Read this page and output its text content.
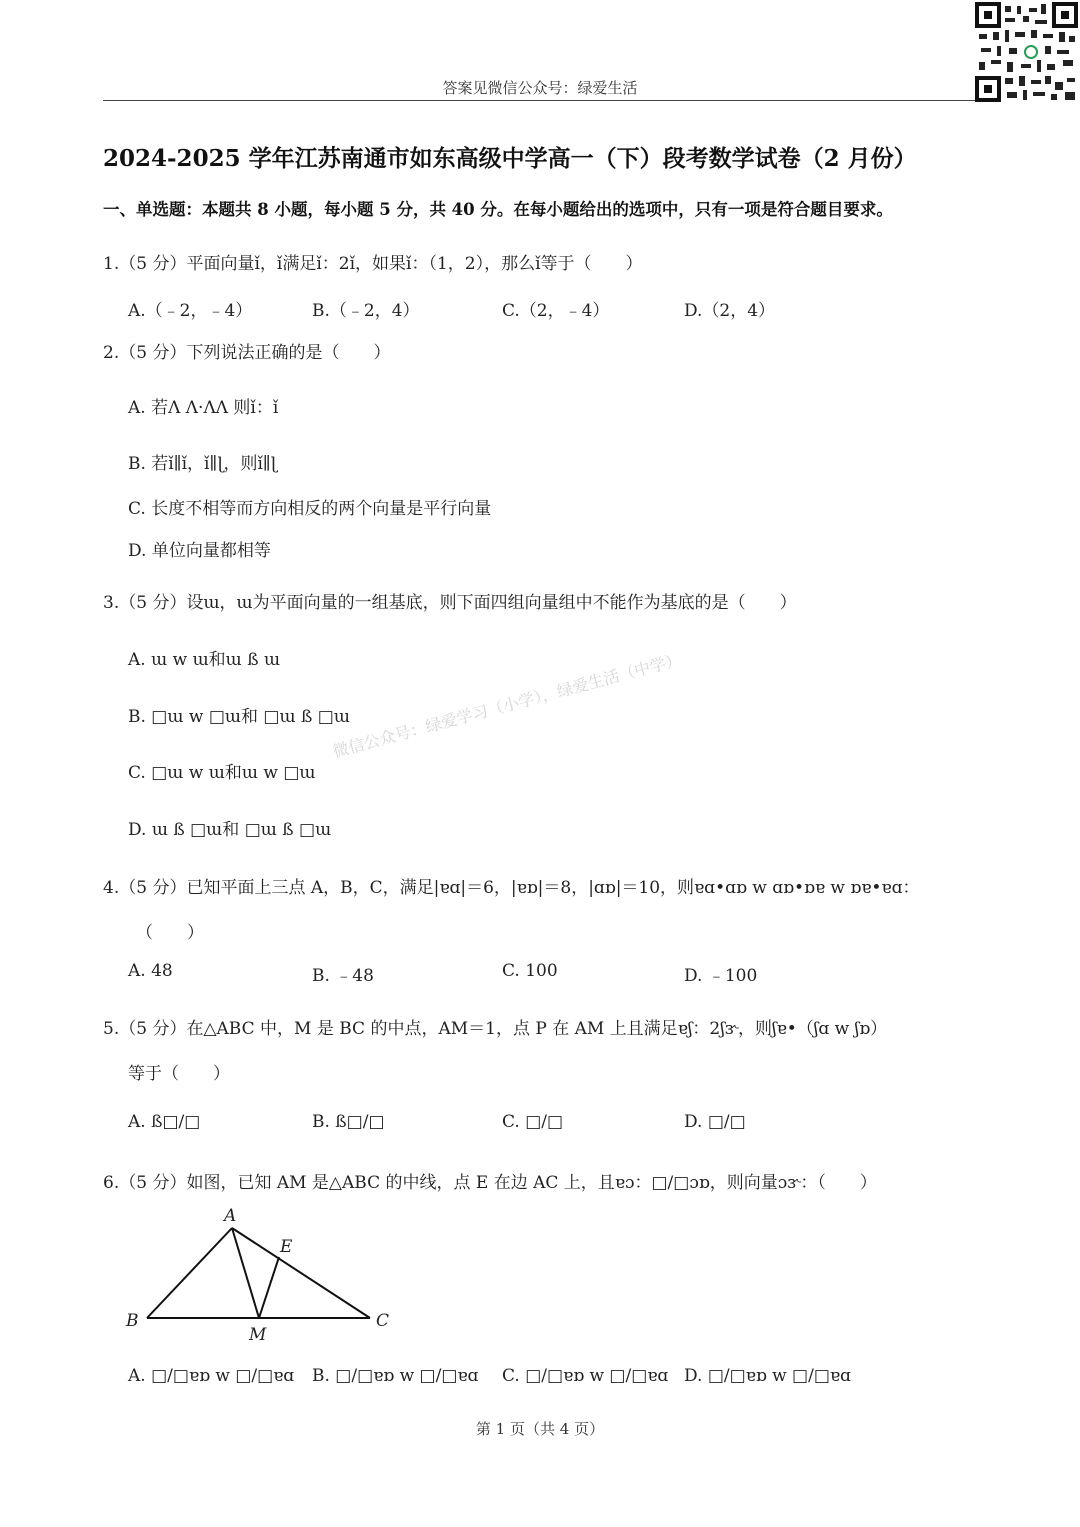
答案见微信公众号：绿爱生活
2024-2025 学年江苏南通市如东高级中学高一（下）段考数学试卷（2 月份）
一、单选题：本题共 8 小题，每小题 5 分，共 40 分。在每小题给出的选项中，只有一项是符合题目要求。
微信公众号：绿爱学习（小学），绿爱生活（中学）
1.（5 分）平面向量ǐ，ǐ满足ǐ：2ǐ，如果ǐ：（1，2），那么ǐ等于（　　）
A.（﹣2，﹣4）	B.（﹣2，4）	C.（2，﹣4）	D.（2，4）
2.（5 分）下列说法正确的是（　　）
A. 若Λ Λ·ΛΛ 则ǐ：ǐ
B. 若ǐ∥ǐ，ǐ∥ɭ，则ǐ∥ɭ
C. 长度不相等而方向相反的两个向量是平行向量
D. 单位向量都相等
3.（5 分）设ɯ，ɯ为平面向量的一组基底，则下面四组向量组中不能作为基底的是（　　）
A. ɯ w ɯ和ɯ ß ɯ
B. □ɯ w □ɯ和 □ɯ ß □ɯ
C. □ɯ w ɯ和ɯ w □ɯ
D. ɯ ß □ɯ和 □ɯ ß □ɯ
4.（5 分）已知平面上三点 A，B，C，满足|ɐɑ|＝6，|ɐɒ|＝8，|ɑɒ|＝10，则ɐɑ•ɑɒ w ɑɒ•ɒɐ w ɒɐ•ɐɑ：
（　　）
A. 48	B. ﹣48	C. 100	D. ﹣100
5.（5 分）在△ABC 中，M 是 BC 的中点，AM＝1，点 P 在 AM 上且满足ɐʃ：2ʃɝ，则ʃɐ•（ʃɑ w ʃɒ）
等于（　　）
A. ß□/□	B. ß□/□	C. □/□	D. □/□
6.（5 分）如图，已知 AM 是△ABC 的中线，点 E 在边 AC 上，且ɐɔ：□/□ɔɒ，则向量ɔɝ：（　　）
A
E
B
M
C
A. □/□ɐɒ w □/□ɐɑ B. □/□ɐɒ w □/□ɐɑ C. □/□ɐɒ w □/□ɐɑ D. □/□ɐɒ w □/□ɐɑ
第 1 页（共 4 页）
